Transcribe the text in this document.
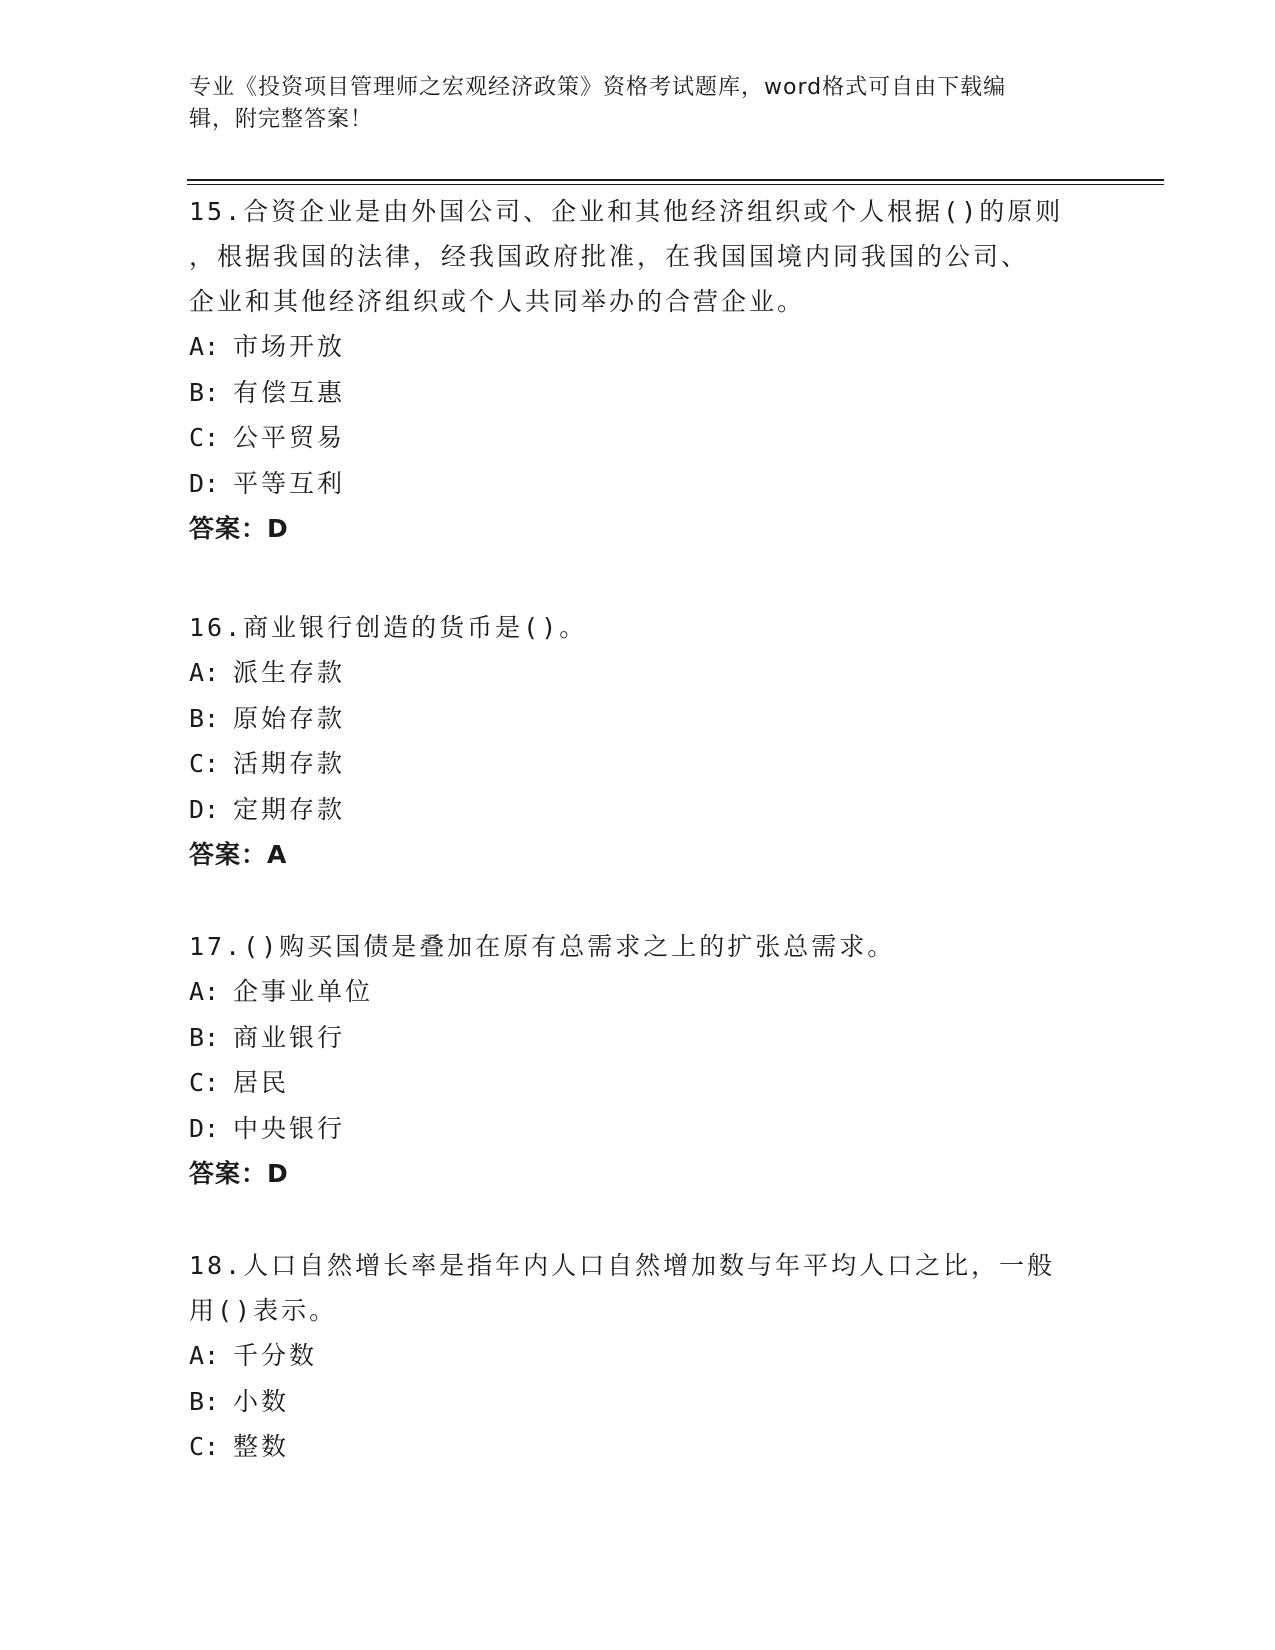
专业《投资项目管理师之宏观经济政策》资格考试题库，word格式可自由下载编
辑，附完整答案！

15.合资企业是由外国公司、企业和其他经济组织或个人根据()的原则

，根据我国的法律，经我国政府批准，在我国国境内同我国的公司、

企业和其他经济组织或个人共同举办的合营企业。

A: 市场开放

B: 有偿互惠

C: 公平贸易

D: 平等互利

答案：D

16.商业银行创造的货币是()。

A: 派生存款

B: 原始存款

C: 活期存款

D: 定期存款

答案：A

17.()购买国债是叠加在原有总需求之上的扩张总需求。

A: 企事业单位

B: 商业银行

C: 居民

D: 中央银行

答案：D

18.人口自然增长率是指年内人口自然增加数与年平均人口之比，一般

用()表示。

A: 千分数

B: 小数

C: 整数
